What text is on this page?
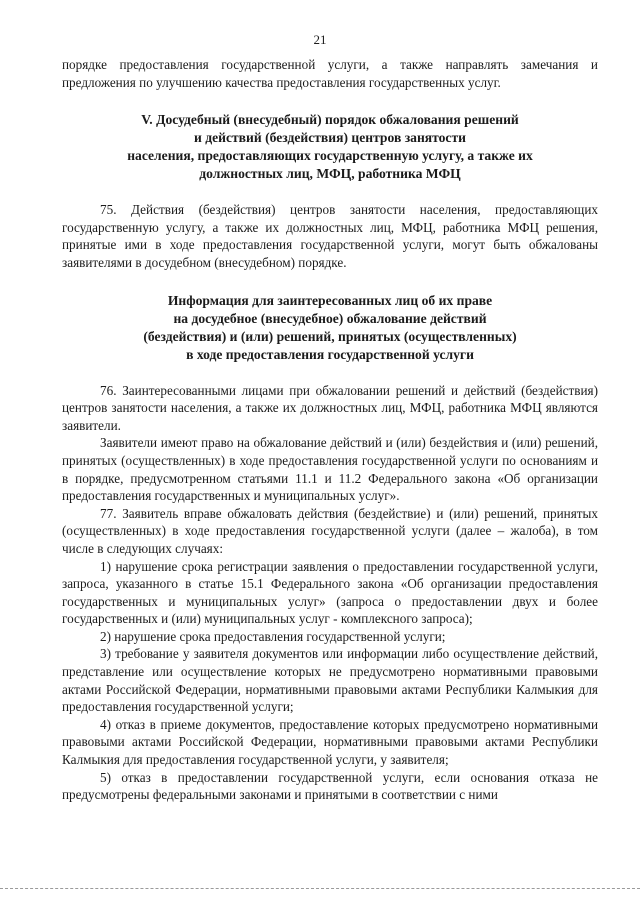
21

порядке предоставления государственной услуги, а также направлять замечания и предложения по улучшению качества предоставления государственных услуг.

V. Досудебный (внесудебный) порядок обжалования решений
и действий (бездействия) центров занятости
населения, предоставляющих государственную услугу, а также их
должностных лиц, МФЦ, работника МФЦ

75. Действия (бездействия) центров занятости населения, предоставляющих государственную услугу, а также их должностных лиц, МФЦ, работника МФЦ решения, принятые ими в ходе предоставления государственной услуги, могут быть обжалованы заявителями в досудебном (внесудебном) порядке.

Информация для заинтересованных лиц об их праве
на досудебное (внесудебное) обжалование действий
(бездействия) и (или) решений, принятых (осуществленных)
в ходе предоставления государственной услуги

76. Заинтересованными лицами при обжаловании решений и действий (бездействия) центров занятости населения, а также их должностных лиц, МФЦ, работника МФЦ являются заявители.

Заявители имеют право на обжалование действий и (или) бездействия и (или) решений, принятых (осуществленных) в ходе предоставления государственной услуги по основаниям и в порядке, предусмотренном статьями 11.1 и 11.2 Федерального закона «Об организации предоставления государственных и муниципальных услуг».

77. Заявитель вправе обжаловать действия (бездействие) и (или) решений, принятых (осуществленных) в ходе предоставления государственной услуги (далее – жалоба), в том числе в следующих случаях:

1) нарушение срока регистрации заявления о предоставлении государственной услуги, запроса, указанного в статье 15.1 Федерального закона «Об организации предоставления государственных и муниципальных услуг» (запроса о предоставлении двух и более государственных и (или) муниципальных услуг - комплексного запроса);

2) нарушение срока предоставления государственной услуги;

3) требование у заявителя документов или информации либо осуществление действий, представление или осуществление которых не предусмотрено нормативными правовыми актами Российской Федерации, нормативными правовыми актами Республики Калмыкия для предоставления государственной услуги;

4) отказ в приеме документов, предоставление которых предусмотрено нормативными правовыми актами Российской Федерации, нормативными правовыми актами Республики Калмыкия для предоставления государственной услуги, у заявителя;

5) отказ в предоставлении государственной услуги, если основания отказа не предусмотрены федеральными законами и принятыми в соответствии с ними
